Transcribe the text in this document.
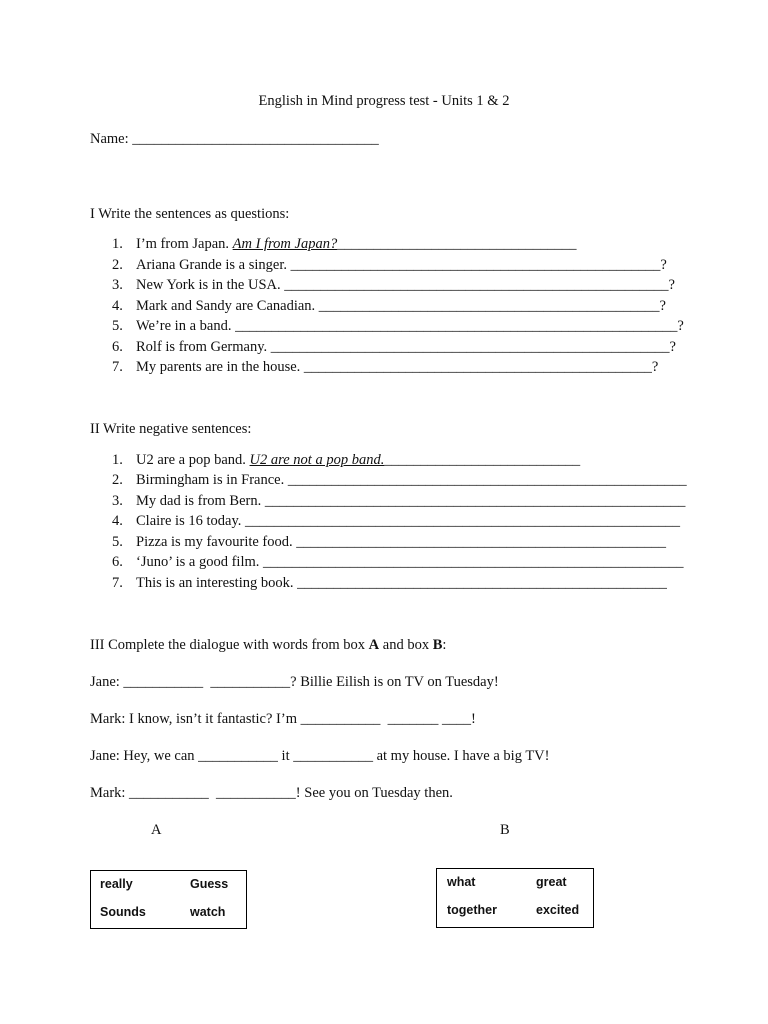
English in Mind progress test - Units 1 & 2
Name: __________________________________
I Write the sentences as questions:
1. I’m from Japan. Am I from Japan?_________________________________
2. Ariana Grande is a singer. ___________________________________________________?
3. New York is in the USA. _____________________________________________________?
4. Mark and Sandy are Canadian. _______________________________________________?
5. We’re in a band. _____________________________________________________________?
6. Rolf is from Germany. _______________________________________________________?
7. My parents are in the house. ________________________________________________?
II Write negative sentences:
1. U2 are a pop band. U2 are not a pop band.___________________________
2. Birmingham is in France. _______________________________________________________
3. My dad is from Bern. __________________________________________________________
4. Claire is 16 today. ____________________________________________________________
5. Pizza is my favourite food. ___________________________________________________
6. ‘Juno’ is a good film. __________________________________________________________
7. This is an interesting book. ___________________________________________________
III Complete the dialogue with words from box A and box B:
Jane: ___________  ___________? Billie Eilish is on TV on Tuesday!
Mark: I know, isn’t it fantastic? I’m ___________  _______ ____!
Jane: Hey, we can ___________ it ___________ at my house. I have a big TV!
Mark: ___________  ___________! See you on Tuesday then.
A	B
really	Guess
Sounds	watch
what	great
together	excited
